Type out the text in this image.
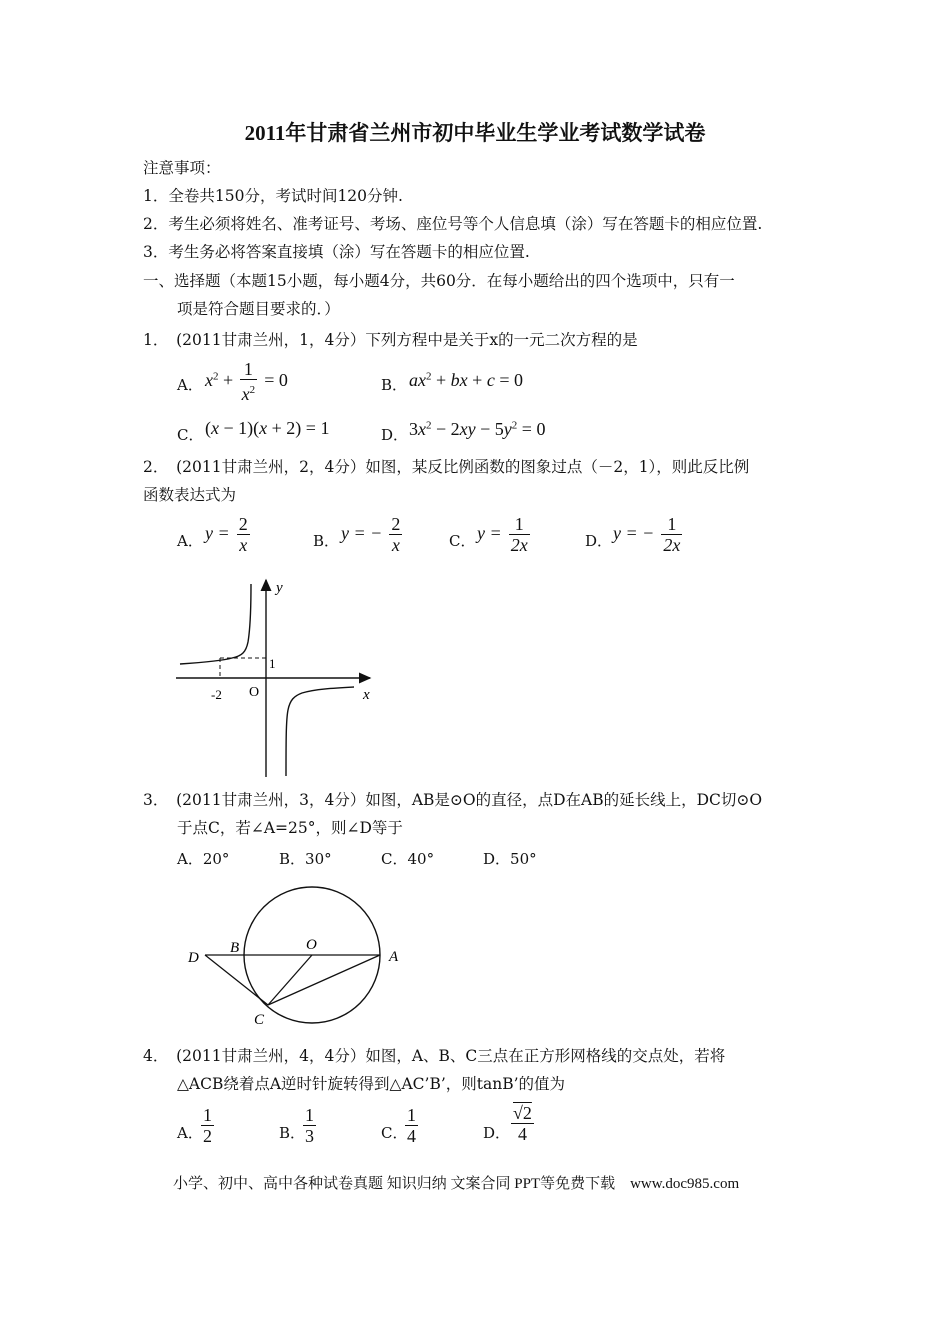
2011年甘肃省兰州市初中毕业生学业考试数学试卷
注意事项：
1．全卷共150分，考试时间120分钟.
2．考生必须将姓名、准考证号、考场、座位号等个人信息填（涂）写在答题卡的相应位置.
3．考生务必将答案直接填（涂）写在答题卡的相应位置.
一、选择题（本题15小题，每小题4分，共60分．在每小题给出的四个选项中，只有一
项是符合题目要求的．）
1．　(2011甘肃兰州，1，4分）下列方程中是关于x的一元二次方程的是
A． $x^2 + \frac{1}{x^2} = 0$	B． $ax^2$ + bx + c = 0
C． (x − 1)(x + 2) = 1	D． $3x^2 - 2xy - 5y^2 = 0$
2．　(2011甘肃兰州，2，4分）如图，某反比例函数的图象过点（－2，1），则此反比例
函数表达式为
A． $y = \frac{2}{x}$	B． y = − $\frac{2}{x}$	C． $y = \frac{1}{2x}$	D． y = − $\frac{1}{2x}$
y
x
O
-2
1
3．　(2011甘肃兰州，3，4分）如图，AB是⊙O的直径，点D在AB的延长线上，DC切⊙O
于点C，若∠A=25°，则∠D等于
A．20°	B．30°	C．40°	D．50°
D
B	O
A
C
4．　(2011甘肃兰州，4，4分）如图，A、B、C三点在正方形网格线的交点处，若将
△ACB绕着点A逆时针旋转得到△AC’B’，则tanB’的值为
A．
$\frac{1}{2}$	B．
$\frac{1}{3}$	C．
$\frac{1}{4}$	D． $\frac{√2}{4}$
小学、初中、高中各种试卷真题 知识归纳 文案合同 PPT等免费下载　www.doc985.com
